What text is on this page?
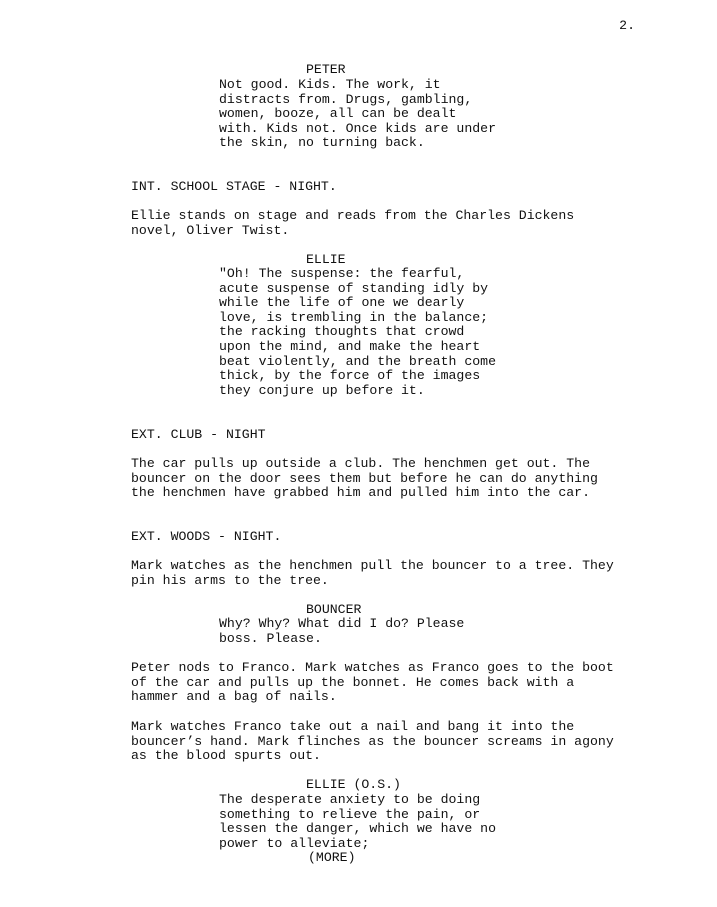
2.

PETER

Not good. Kids. The work, it
distracts from. Drugs, gambling,
women, booze, all can be dealt
with. Kids not. Once kids are under
the skin, no turning back.

INT. SCHOOL STAGE - NIGHT.

Ellie stands on stage and reads from the Charles Dickens
novel, Oliver Twist.

ELLIE

"Oh! The suspense: the fearful,
acute suspense of standing idly by
while the life of one we dearly
love, is trembling in the balance;
the racking thoughts that crowd
upon the mind, and make the heart
beat violently, and the breath come
thick, by the force of the images
they conjure up before it.

EXT. CLUB - NIGHT

The car pulls up outside a club. The henchmen get out. The
bouncer on the door sees them but before he can do anything
the henchmen have grabbed him and pulled him into the car.

EXT. WOODS - NIGHT.

Mark watches as the henchmen pull the bouncer to a tree. They
pin his arms to the tree.

BOUNCER

Why? Why? What did I do? Please
boss. Please.

Peter nods to Franco. Mark watches as Franco goes to the boot
of the car and pulls up the bonnet. He comes back with a
hammer and a bag of nails.

Mark watches Franco take out a nail and bang it into the
bouncer’s hand. Mark flinches as the bouncer screams in agony
as the blood spurts out.

ELLIE (O.S.)

The desperate anxiety to be doing
something to relieve the pain, or
lessen the danger, which we have no
power to alleviate;

(MORE)
